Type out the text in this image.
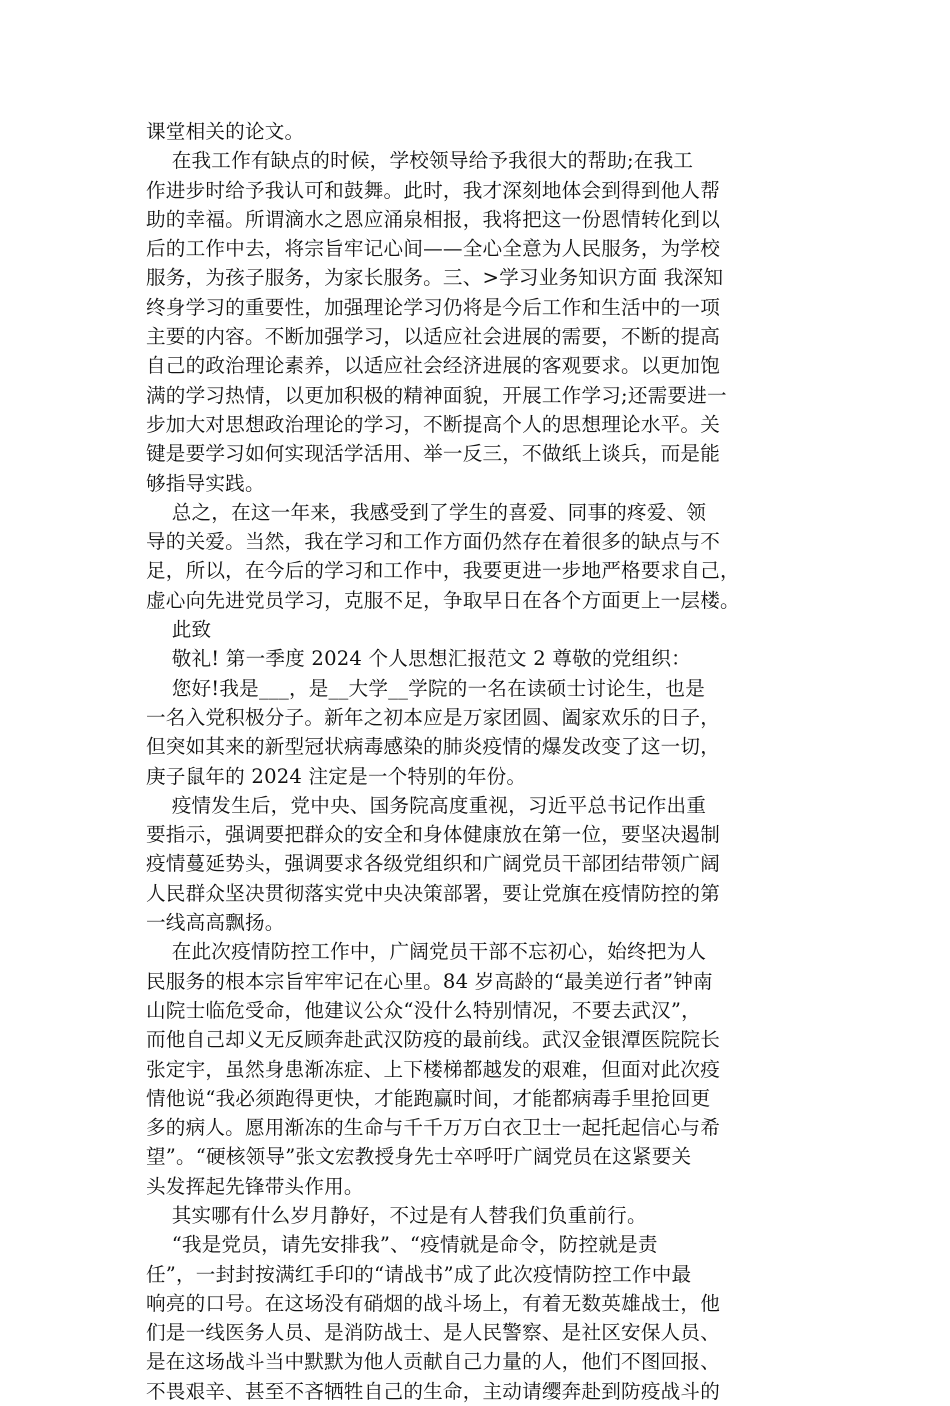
课堂相关的论文。
在我工作有缺点的时候，学校领导给予我很大的帮助;在我工
作进步时给予我认可和鼓舞。此时，我才深刻地体会到得到他人帮
助的幸福。所谓滴水之恩应涌泉相报，我将把这一份恩情转化到以
后的工作中去，将宗旨牢记心间——全心全意为人民服务，为学校
服务，为孩子服务，为家长服务。三、>学习业务知识方面 我深知
终身学习的重要性，加强理论学习仍将是今后工作和生活中的一项
主要的内容。不断加强学习，以适应社会进展的需要，不断的提高
自己的政治理论素养，以适应社会经济进展的客观要求。以更加饱
满的学习热情，以更加积极的精神面貌，开展工作学习;还需要进一
步加大对思想政治理论的学习，不断提高个人的思想理论水平。关
键是要学习如何实现活学活用、举一反三，不做纸上谈兵，而是能
够指导实践。
总之，在这一年来，我感受到了学生的喜爱、同事的疼爱、领
导的关爱。当然，我在学习和工作方面仍然存在着很多的缺点与不
足，所以，在今后的学习和工作中，我要更进一步地严格要求自己，
虚心向先进党员学习，克服不足，争取早日在各个方面更上一层楼。
此致
敬礼! 第一季度 2024 个人思想汇报范文 2 尊敬的党组织：
您好!我是___，是__大学__学院的一名在读硕士讨论生，也是
一名入党积极分子。新年之初本应是万家团圆、阖家欢乐的日子，
但突如其来的新型冠状病毒感染的肺炎疫情的爆发改变了这一切，
庚子鼠年的 2024 注定是一个特别的年份。
疫情发生后，党中央、国务院高度重视，习近平总书记作出重
要指示，强调要把群众的安全和身体健康放在第一位，要坚决遏制
疫情蔓延势头，强调要求各级党组织和广阔党员干部团结带领广阔
人民群众坚决贯彻落实党中央决策部署，要让党旗在疫情防控的第
一线高高飘扬。
在此次疫情防控工作中，广阔党员干部不忘初心，始终把为人
民服务的根本宗旨牢牢记在心里。84 岁高龄的“最美逆行者”钟南
山院士临危受命，他建议公众“没什么特别情况，不要去武汉”，
而他自己却义无反顾奔赴武汉防疫的最前线。武汉金银潭医院院长
张定宇，虽然身患渐冻症、上下楼梯都越发的艰难，但面对此次疫
情他说“我必须跑得更快，才能跑赢时间，才能都病毒手里抢回更
多的病人。愿用渐冻的生命与千千万万白衣卫士一起托起信心与希
望”。“硬核领导”张文宏教授身先士卒呼吁广阔党员在这紧要关
头发挥起先锋带头作用。
其实哪有什么岁月静好，不过是有人替我们负重前行。
“我是党员，请先安排我”、“疫情就是命令，防控就是责
任”，一封封按满红手印的“请战书”成了此次疫情防控工作中最
响亮的口号。在这场没有硝烟的战斗场上，有着无数英雄战士，他
们是一线医务人员、是消防战士、是人民警察、是社区安保人员、
是在这场战斗当中默默为他人贡献自己力量的人，他们不图回报、
不畏艰辛、甚至不吝牺牲自己的生命，主动请缨奔赴到防疫战斗的
